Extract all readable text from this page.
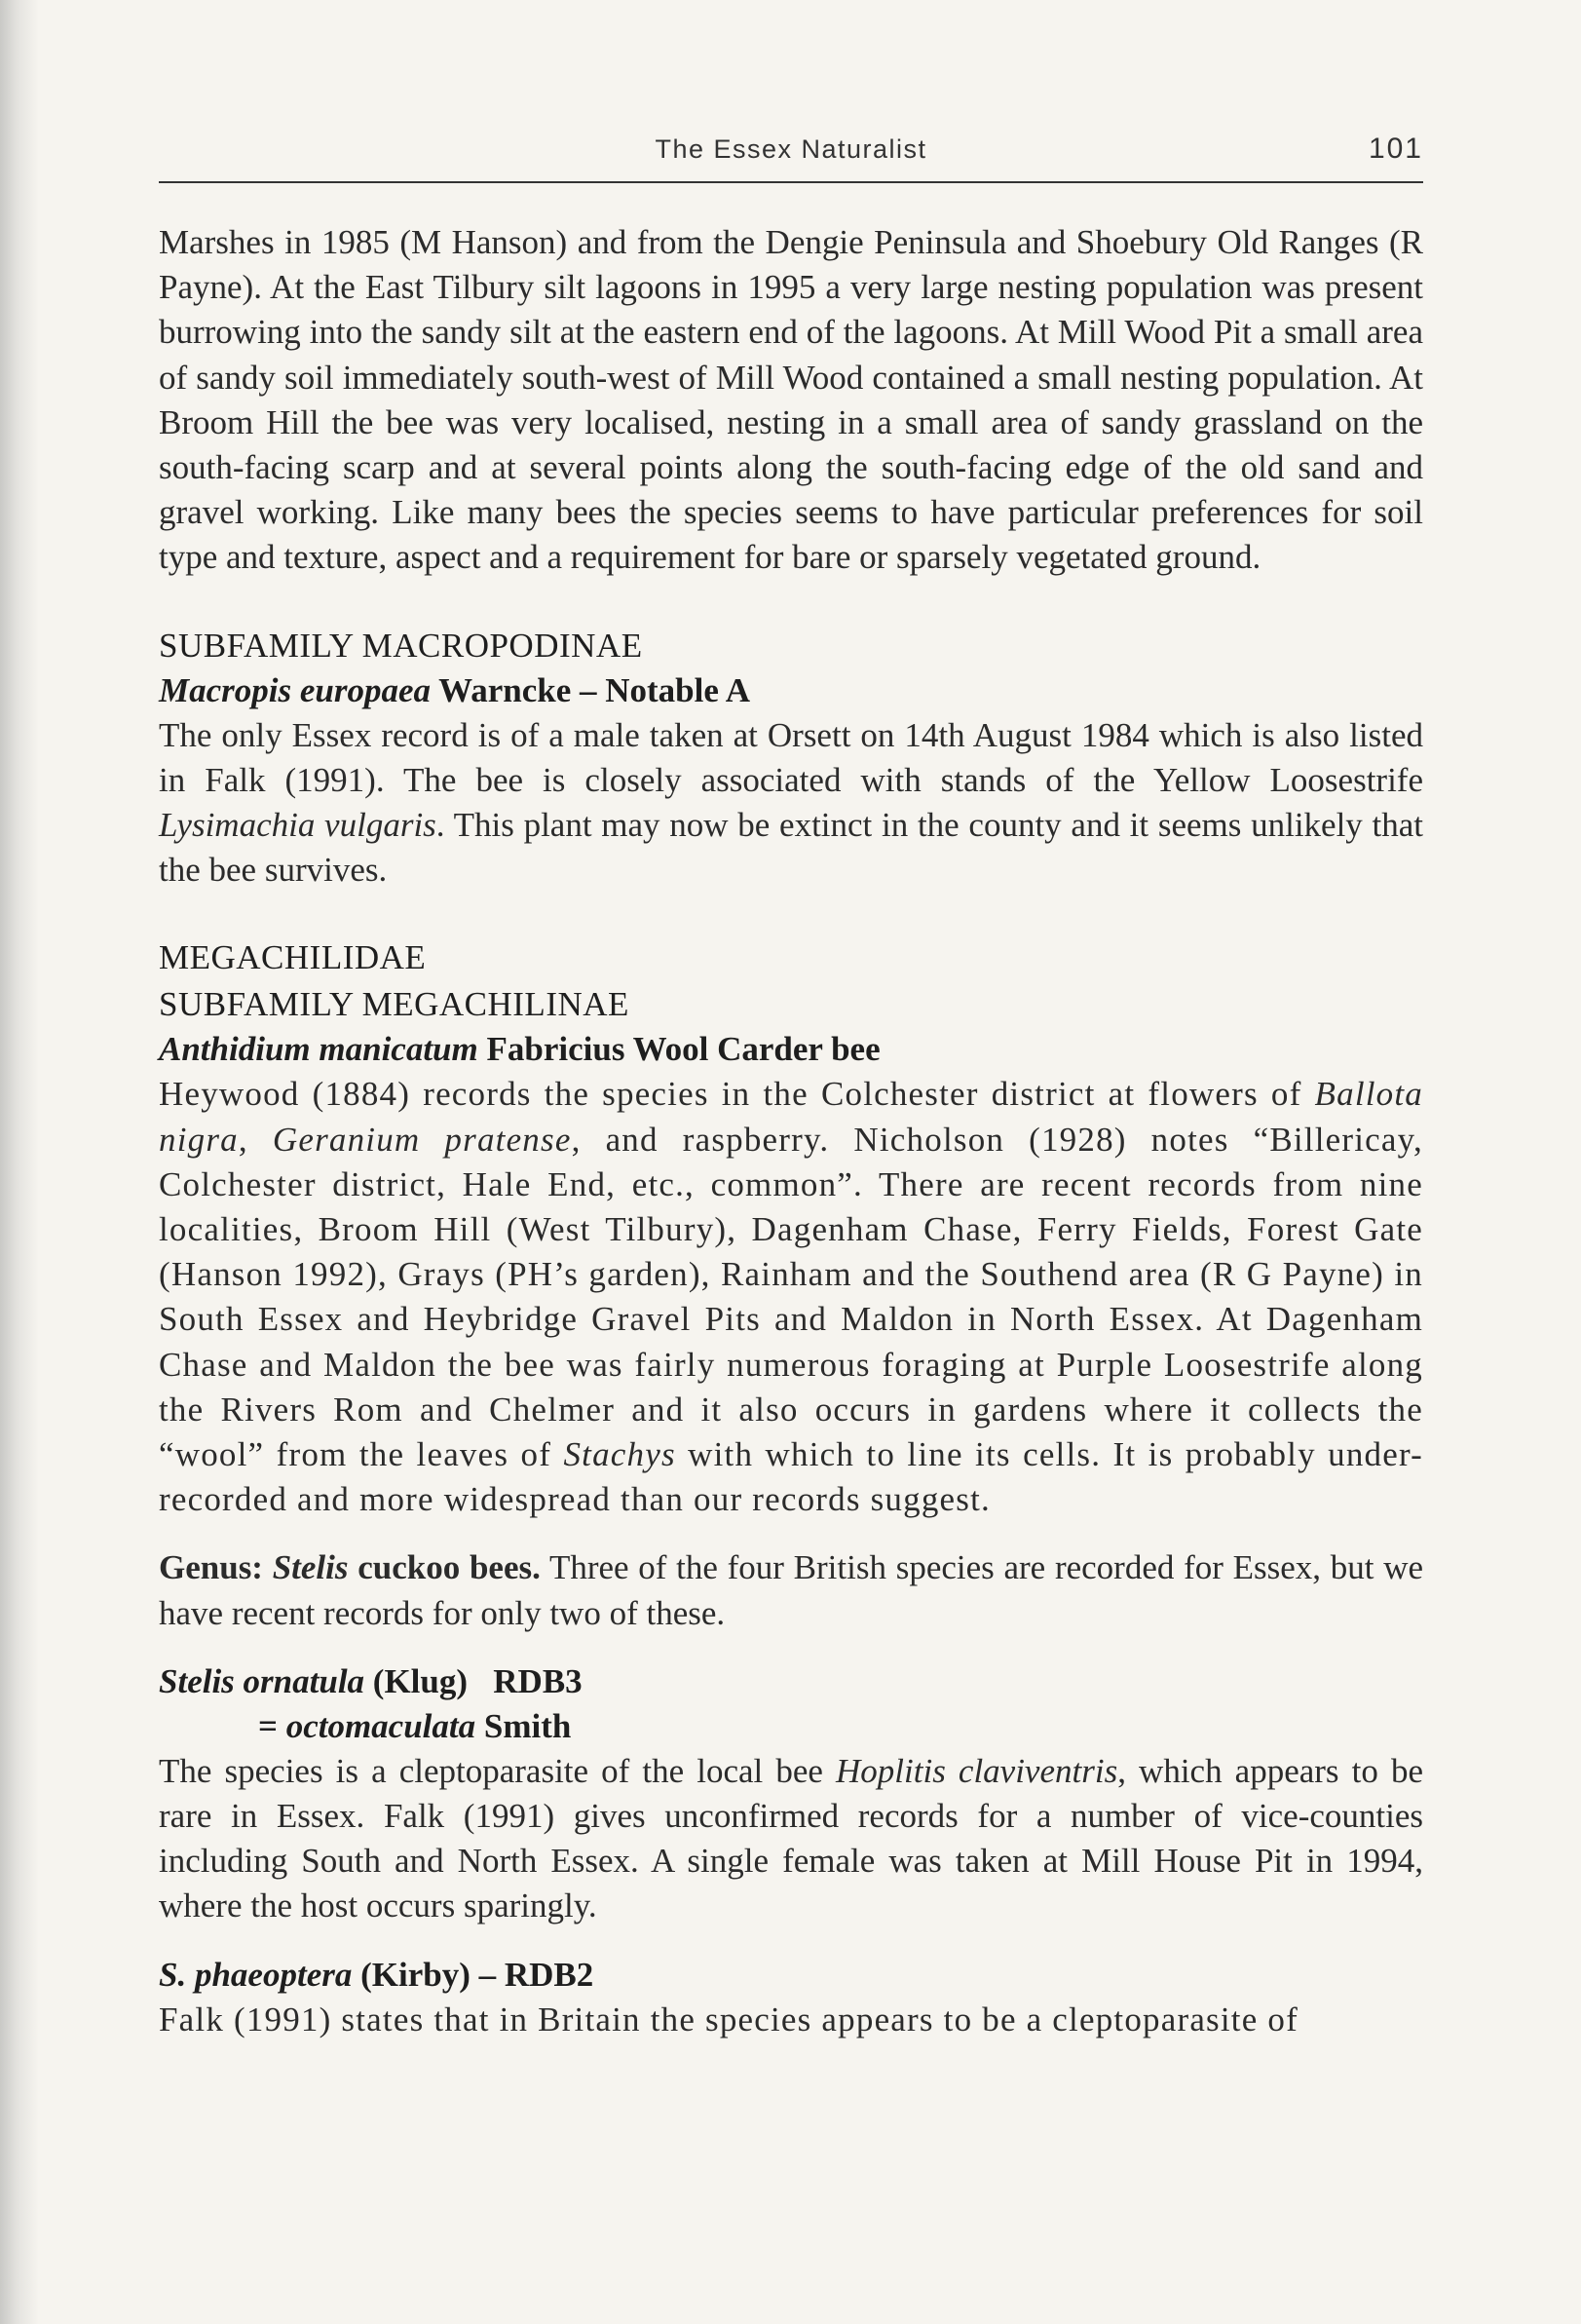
The Essex Naturalist	101

Marshes in 1985 (M Hanson) and from the Dengie Peninsula and Shoebury Old Ranges (R Payne). At the East Tilbury silt lagoons in 1995 a very large nesting population was present burrowing into the sandy silt at the eastern end of the lagoons. At Mill Wood Pit a small area of sandy soil immediately south-west of Mill Wood contained a small nesting population. At Broom Hill the bee was very localised, nesting in a small area of sandy grassland on the south-facing scarp and at several points along the south-facing edge of the old sand and gravel working. Like many bees the species seems to have particular preferences for soil type and texture, aspect and a requirement for bare or sparsely vegetated ground.

SUBFAMILY MACROPODINAE
Macropis europaea Warncke – Notable A

The only Essex record is of a male taken at Orsett on 14th August 1984 which is also listed in Falk (1991). The bee is closely associated with stands of the Yellow Loosestrife Lysimachia vulgaris. This plant may now be extinct in the county and it seems unlikely that the bee survives.

MEGACHILIDAE
SUBFAMILY MEGACHILINAE
Anthidium manicatum Fabricius Wool Carder bee

Heywood (1884) records the species in the Colchester district at flowers of Ballota nigra, Geranium pratense, and raspberry. Nicholson (1928) notes “Billericay, Colchester district, Hale End, etc., common”. There are recent records from nine localities, Broom Hill (West Tilbury), Dagenham Chase, Ferry Fields, Forest Gate (Hanson 1992), Grays (PH’s garden), Rainham and the Southend area (R G Payne) in South Essex and Heybridge Gravel Pits and Maldon in North Essex. At Dagenham Chase and Maldon the bee was fairly numerous foraging at Purple Loosestrife along the Rivers Rom and Chelmer and it also occurs in gardens where it collects the “wool” from the leaves of Stachys with which to line its cells. It is probably under-recorded and more widespread than our records suggest.

Genus: Stelis cuckoo bees. Three of the four British species are recorded for Essex, but we have recent records for only two of these.

Stelis ornatula (Klug)   RDB3
= octomaculata Smith

The species is a cleptoparasite of the local bee Hoplitis claviventris, which appears to be rare in Essex. Falk (1991) gives unconfirmed records for a number of vice-counties including South and North Essex. A single female was taken at Mill House Pit in 1994, where the host occurs sparingly.

S. phaeoptera (Kirby) – RDB2

Falk (1991) states that in Britain the species appears to be a cleptoparasite of
